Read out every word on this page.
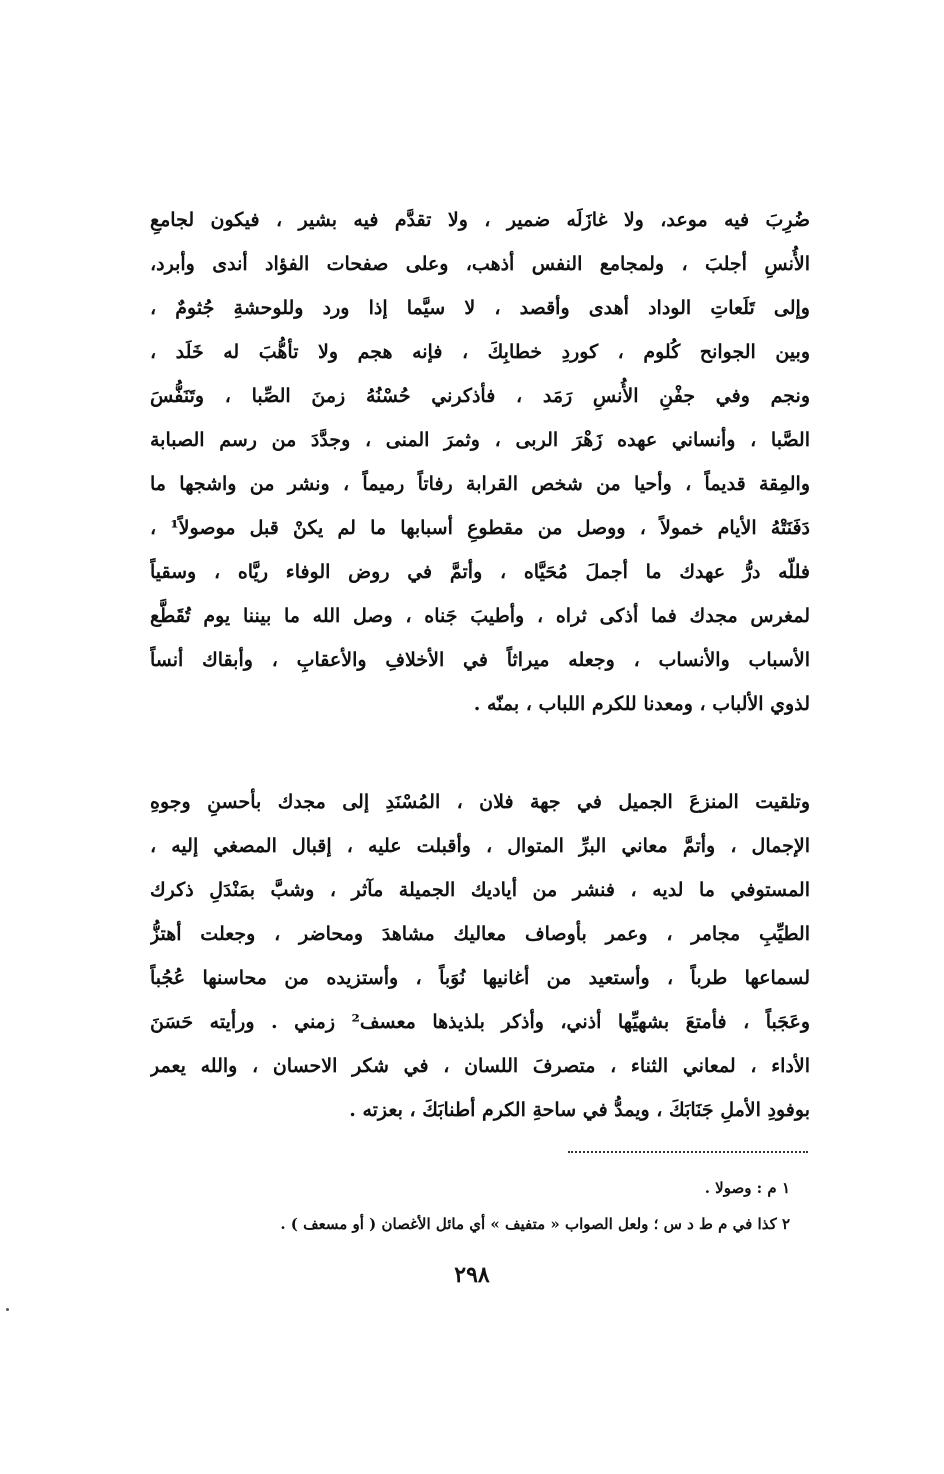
ضُرِبَ فيه موعد، ولا غازَلَه ضمير ، ولا تقدَّم فيه بشير ، فيكون لجامعِ
الأُنسِ أجلبَ ، ولمجامع النفس أذهب، وعلى صفحات الفؤاد أندى وأبرد،
وإلى تَلَعاتِ الوداد أهدى وأقصد ، لا سيَّما إذا ورد وللوحشةِ جُثومٌ ،
وبين الجوانح كُلوم ، كوردِ خطابِكَ ، فإنه هجم ولا تأهُّبَ له خَلَد ،
ونجم وفي جفْنِ الأُنسِ رَمَد ، فأذكرني حُسْنُهُ زمنَ الصِّبا ، وتَنَفُّسَ
الصَّبا ، وأنساني عهده زَهْرَ الربى ، وثمرَ المنى ، وجدَّدَ من رسم الصبابة
والمِقة قديماً ، وأحيا من شخص القرابة رفاتاً رميماً ، ونشر من واشجها ما
دَفَنَتْهُ الأيام خمولاً ، ووصل من مقطوعِ أسبابها ما لم يكنْ قبل موصولاً¹ ،
فللّه درُّ عهدك ما أجملَ مُحَيَّاه ، وأتمَّ في روض الوفاء ريَّاه ، وسقياً
لمغرس مجدك فما أذكى ثراه ، وأطيبَ جَناه ، وصل الله ما بيننا يوم تُقَطَّع
الأسباب والأنساب ، وجعله ميراثاً في الأخلافِ والأعقابِ ، وأبقاك أنساً
لذوي الألباب ، ومعدنا للكرم اللباب ، بمنّه .
وتلقيت المنزعَ الجميل في جهة فلان ، المُسْنَدِ إلى مجدك بأحسنِ وجوهِ
الإجمال ، وأتمَّ معاني البرِّ المتوال ، وأقبلت عليه ، إقبال المصغي إليه ،
المستوفي ما لديه ، فنشر من أياديك الجميلة مآثر ، وشبَّ بمَنْدَلِ ذكرك
الطيِّبِ مجامر ، وعمر بأوصاف معاليك مشاهدَ ومحاضر ، وجعلت أهتزُّ
لسماعها طرباً ، وأستعيد من أغانيها نُوَباً ، وأستزيده من محاسنها عُجُباً
وعَجَباً ، فأمتعَ بشهيِّها أذني، وأذكر بلذيذها معسف² زمني . ورأيته حَسَنَ
الأداء ، لمعاني الثناء ، متصرفَ اللسان ، في شكر الاحسان ، والله يعمر
بوفودِ الأملِ جَنَابَكَ ، ويمدُّ في ساحةِ الكرم أطنابَكَ ، بعزته .
١ م : وصولا .
٢ كذا في م ط د س ؛ ولعل الصواب « متفيف » أي مائل الأغصان ( أو مسعف ) .
٢٩٨
